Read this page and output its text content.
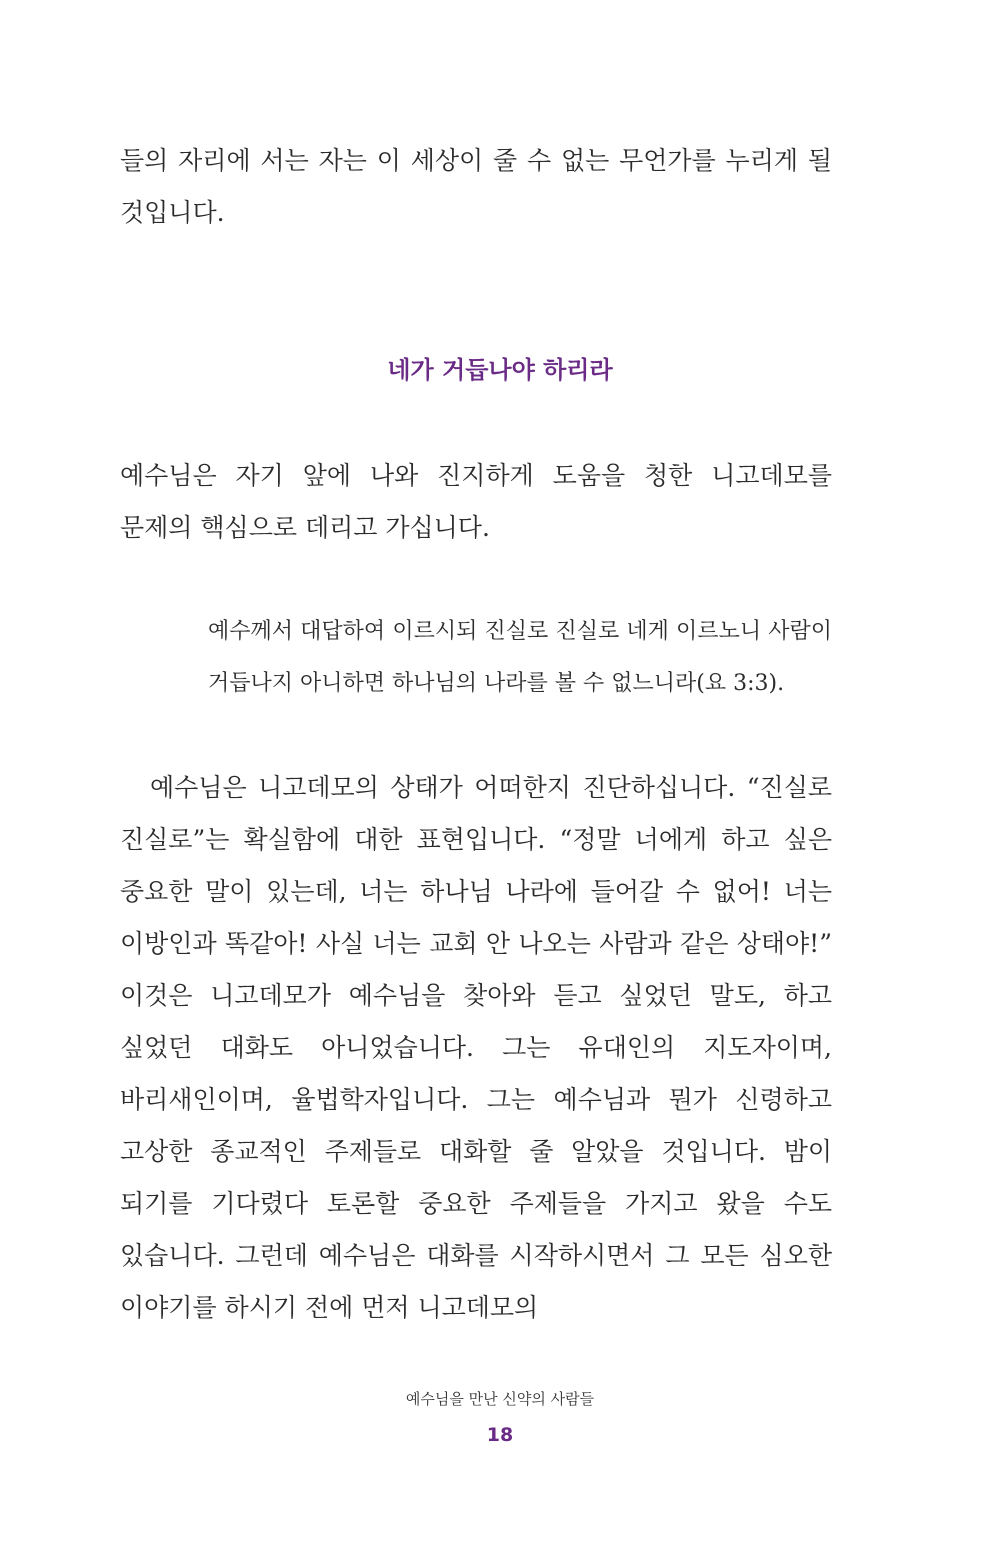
들의 자리에 서는 자는 이 세상이 줄 수 없는 무언가를 누리게 될 것입니다.

네가 거듭나야 하리라

예수님은 자기 앞에 나와 진지하게 도움을 청한 니고데모를 문제의 핵심으로 데리고 가십니다.

예수께서 대답하여 이르시되 진실로 진실로 네게 이르노니 사람이 거듭나지 아니하면 하나님의 나라를 볼 수 없느니라(요 3:3).

예수님은 니고데모의 상태가 어떠한지 진단하십니다. “진실로 진실로”는 확실함에 대한 표현입니다. “정말 너에게 하고 싶은 중요한 말이 있는데, 너는 하나님 나라에 들어갈 수 없어! 너는 이방인과 똑같아! 사실 너는 교회 안 나오는 사람과 같은 상태야!” 이것은 니고데모가 예수님을 찾아와 듣고 싶었던 말도, 하고 싶었던 대화도 아니었습니다. 그는 유대인의 지도자이며, 바리새인이며, 율법학자입니다. 그는 예수님과 뭔가 신령하고 고상한 종교적인 주제들로 대화할 줄 알았을 것입니다. 밤이 되기를 기다렸다 토론할 중요한 주제들을 가지고 왔을 수도 있습니다. 그런데 예수님은 대화를 시작하시면서 그 모든 심오한 이야기를 하시기 전에 먼저 니고데모의

예수님을 만난 신약의 사람들
18
